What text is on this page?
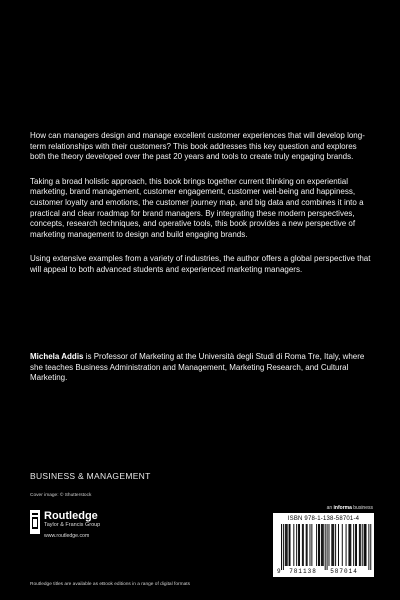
How can managers design and manage excellent customer experiences that will develop long-term relationships with their customers? This book addresses this key question and explores both the theory developed over the past 20 years and tools to create truly engaging brands.

Taking a broad holistic approach, this book brings together current thinking on experiential marketing, brand management, customer engagement, customer well-being and happiness, customer loyalty and emotions, the customer journey map, and big data and combines it into a practical and clear roadmap for brand managers. By integrating these modern perspectives, concepts, research techniques, and operative tools, this book provides a new perspective of marketing management to design and build engaging brands.

Using extensive examples from a variety of industries, the author offers a global perspective that will appeal to both advanced students and experienced marketing managers.

Michela Addis is Professor of Marketing at the Università degli Studi di Roma Tre, Italy, where she teaches Business Administration and Management, Marketing Research, and Cultural Marketing.

BUSINESS & MANAGEMENT
Cover image: © Shutterstock
Routledge
Taylor & Francis Group
www.routledge.com
an informa business
ISBN 978-1-138-58701-4
9 781138 587014
Routledge titles are available as eBook editions in a range of digital formats
